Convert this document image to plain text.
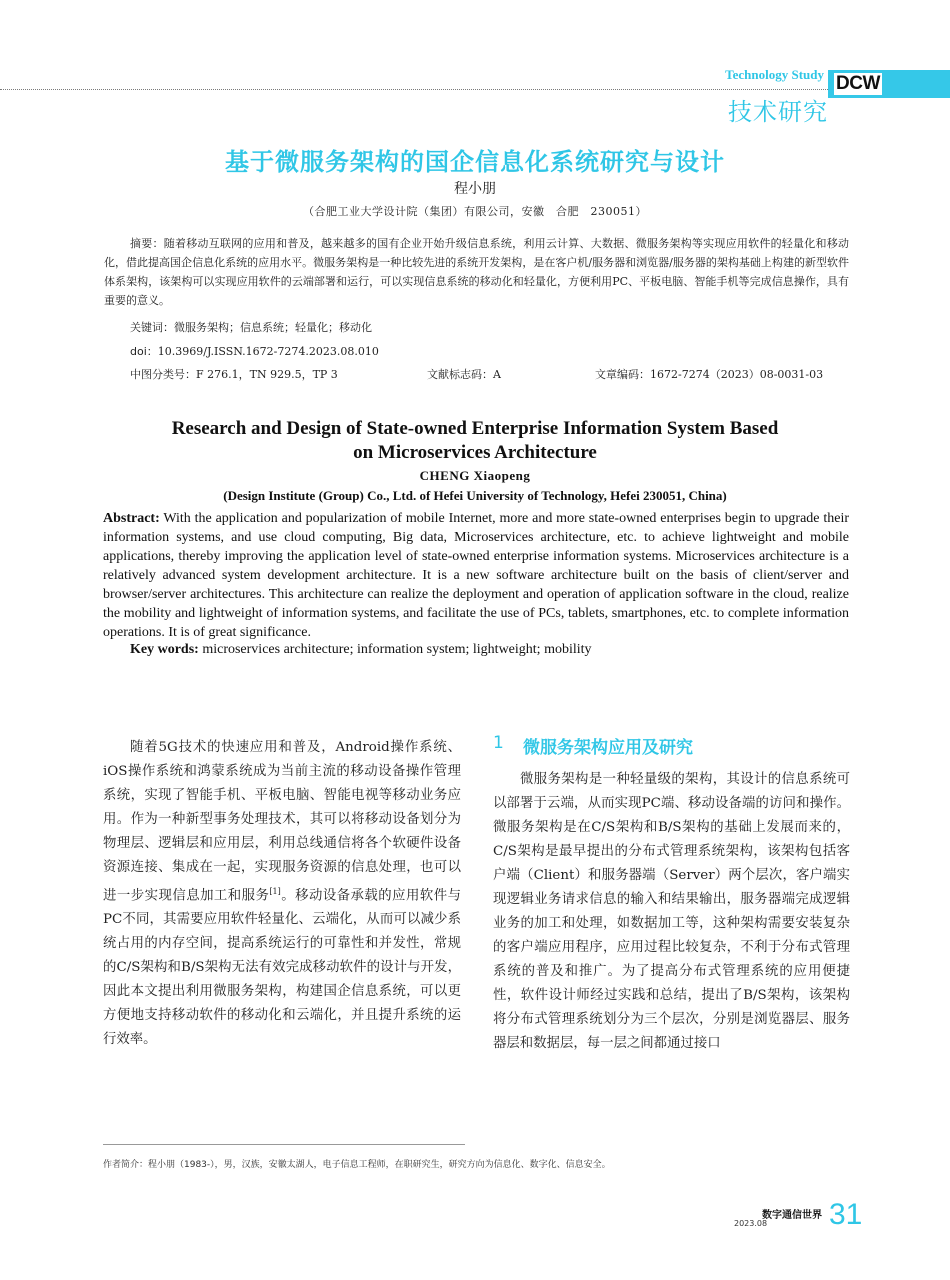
Technology Study DCW
技术研究
基于微服务架构的国企信息化系统研究与设计
程小朋
（合肥工业大学设计院（集团）有限公司，安徽　合肥　230051）
摘要：随着移动互联网的应用和普及，越来越多的国有企业开始升级信息系统，利用云计算、大数据、微服务架构等实现应用软件的轻量化和移动化，借此提高国企信息化系统的应用水平。微服务架构是一种比较先进的系统开发架构，是在客户机/服务器和浏览器/服务器的架构基础上构建的新型软件体系架构，该架构可以实现应用软件的云端部署和运行，可以实现信息系统的移动化和轻量化，方便利用PC、平板电脑、智能手机等完成信息操作，具有重要的意义。
关键词：微服务架构；信息系统；轻量化；移动化
doi：10.3969/J.ISSN.1672-7274.2023.08.010
中图分类号：F 276.1，TN 929.5，TP 3	文献标志码：A	文章编码：1672-7274（2023）08-0031-03
Research and Design of State-owned Enterprise Information System Based
on Microservices Architecture
CHENG Xiaopeng
(Design Institute (Group) Co., Ltd. of Hefei University of Technology, Hefei 230051, China)
Abstract: With the application and popularization of mobile Internet, more and more state-owned enterprises begin to upgrade their information systems, and use cloud computing, Big data, Microservices architecture, etc. to achieve lightweight and mobile applications, thereby improving the application level of state-owned enterprise information systems. Microservices architecture is a relatively advanced system development architecture. It is a new software architecture built on the basis of client/server and browser/server architectures. This architecture can realize the deployment and operation of application software in the cloud, realize the mobility and lightweight of information systems, and facilitate the use of PCs, tablets, smartphones, etc. to complete information operations. It is of great significance.
Key words: microservices architecture; information system; lightweight; mobility
随着5G技术的快速应用和普及，Android操作系统、iOS操作系统和鸿蒙系统成为当前主流的移动设备操作管理系统，实现了智能手机、平板电脑、智能电视等移动业务应用。作为一种新型事务处理技术，其可以将移动设备划分为物理层、逻辑层和应用层，利用总线通信将各个软硬件设备资源连接、集成在一起，实现服务资源的信息处理，也可以进一步实现信息加工和服务[1]。移动设备承载的应用软件与PC不同，其需要应用软件轻量化、云端化，从而可以减少系统占用的内存空间，提高系统运行的可靠性和并发性，常规的C/S架构和B/S架构无法有效完成移动软件的设计与开发，因此本文提出利用微服务架构，构建国企信息系统，可以更方便地支持移动软件的移动化和云端化，并且提升系统的运行效率。
1 微服务架构应用及研究
微服务架构是一种轻量级的架构，其设计的信息系统可以部署于云端，从而实现PC端、移动设备端的访问和操作。微服务架构是在C/S架构和B/S架构的基础上发展而来的，C/S架构是最早提出的分布式管理系统架构，该架构包括客户端（Client）和服务器端（Server）两个层次，客户端实现逻辑业务请求信息的输入和结果输出，服务器端完成逻辑业务的加工和处理，如数据加工等，这种架构需要安装复杂的客户端应用程序，应用过程比较复杂，不利于分布式管理系统的普及和推广。为了提高分布式管理系统的应用便捷性，软件设计师经过实践和总结，提出了B/S架构，该架构将分布式管理系统划分为三个层次，分别是浏览器层、服务器层和数据层，每一层之间都通过接口
作者简介：程小朋（1983-），男，汉族，安徽太湖人，电子信息工程师，在职研究生，研究方向为信息化、数字化、信息安全。
数字通信世界
2023.08 31
